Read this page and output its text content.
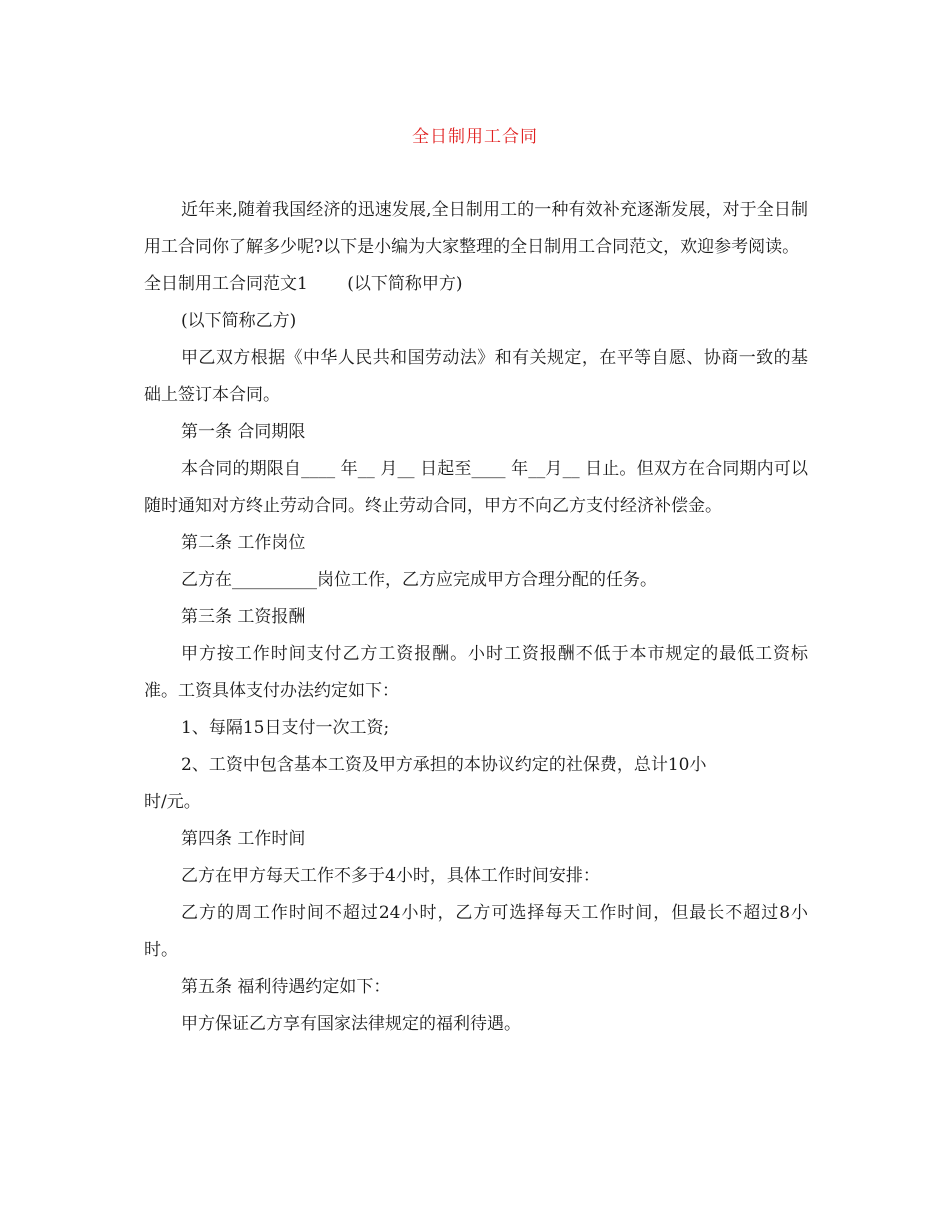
全日制用工合同

近年来,随着我国经济的迅速发展,全日制用工的一种有效补充逐渐发展，对于全日制用工合同你了解多少呢?以下是小编为大家整理的全日制用工合同范文，欢迎参考阅读。

全日制用工合同范文1　　 (以下简称甲方)

(以下简称乙方)

甲乙双方根据《中华人民共和国劳动法》和有关规定，在平等自愿、协商一致的基础上签订本合同。

第一条 合同期限

本合同的期限自____ 年__ 月__ 日起至____ 年__月__ 日止。但双方在合同期内可以随时通知对方终止劳动合同。终止劳动合同，甲方不向乙方支付经济补偿金。

第二条 工作岗位

乙方在__________岗位工作，乙方应完成甲方合理分配的任务。

第三条 工资报酬

甲方按工作时间支付乙方工资报酬。小时工资报酬不低于本市规定的最低工资标准。工资具体支付办法约定如下：

1、每隔15日支付一次工资;

2、工资中包含基本工资及甲方承担的本协议约定的社保费，总计10小

时/元。

第四条 工作时间

乙方在甲方每天工作不多于4小时，具体工作时间安排：

乙方的周工作时间不超过24小时，乙方可选择每天工作时间，但最长不超过8小时。

第五条 福利待遇约定如下：

甲方保证乙方享有国家法律规定的福利待遇。
